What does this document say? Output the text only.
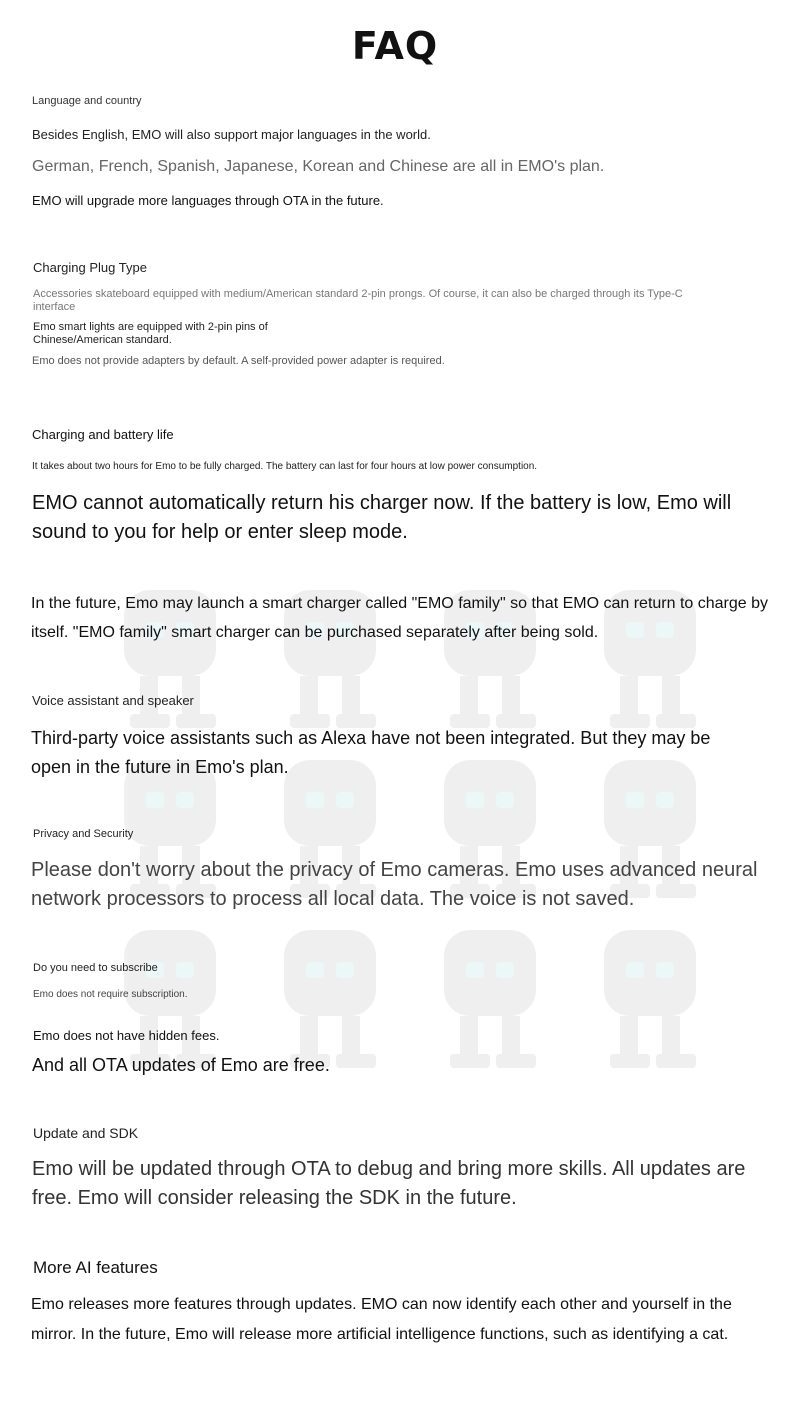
FAQ

Language and country

Besides English, EMO will also support major languages in the world.

German, French, Spanish, Japanese, Korean and Chinese are all in EMO's plan.

EMO will upgrade more languages through OTA in the future.

Charging Plug Type

Accessories skateboard equipped with medium/American standard 2-pin prongs. Of course, it can also be charged through its Type-C interface

Emo smart lights are equipped with 2-pin pins of Chinese/American standard.

Emo does not provide adapters by default. A self-provided power adapter is required.

Charging and battery life

It takes about two hours for Emo to be fully charged. The battery can last for four hours at low power consumption.

EMO cannot automatically return his charger now. If the battery is low, Emo will sound to you for help or enter sleep mode.

In the future, Emo may launch a smart charger called "EMO family" so that EMO can return to charge by itself. "EMO family" smart charger can be purchased separately after being sold.

Voice assistant and speaker

Third-party voice assistants such as Alexa have not been integrated. But they may be open in the future in Emo's plan.

Privacy and Security

Please don't worry about the privacy of Emo cameras. Emo uses advanced neural network processors to process all local data. The voice is not saved.

Do you need to subscribe

Emo does not require subscription.

Emo does not have hidden fees.

And all OTA updates of Emo are free.

Update and SDK

Emo will be updated through OTA to debug and bring more skills. All updates are free. Emo will consider releasing the SDK in the future.

More AI features

Emo releases more features through updates. EMO can now identify each other and yourself in the mirror. In the future, Emo will release more artificial intelligence functions, such as identifying a cat.
